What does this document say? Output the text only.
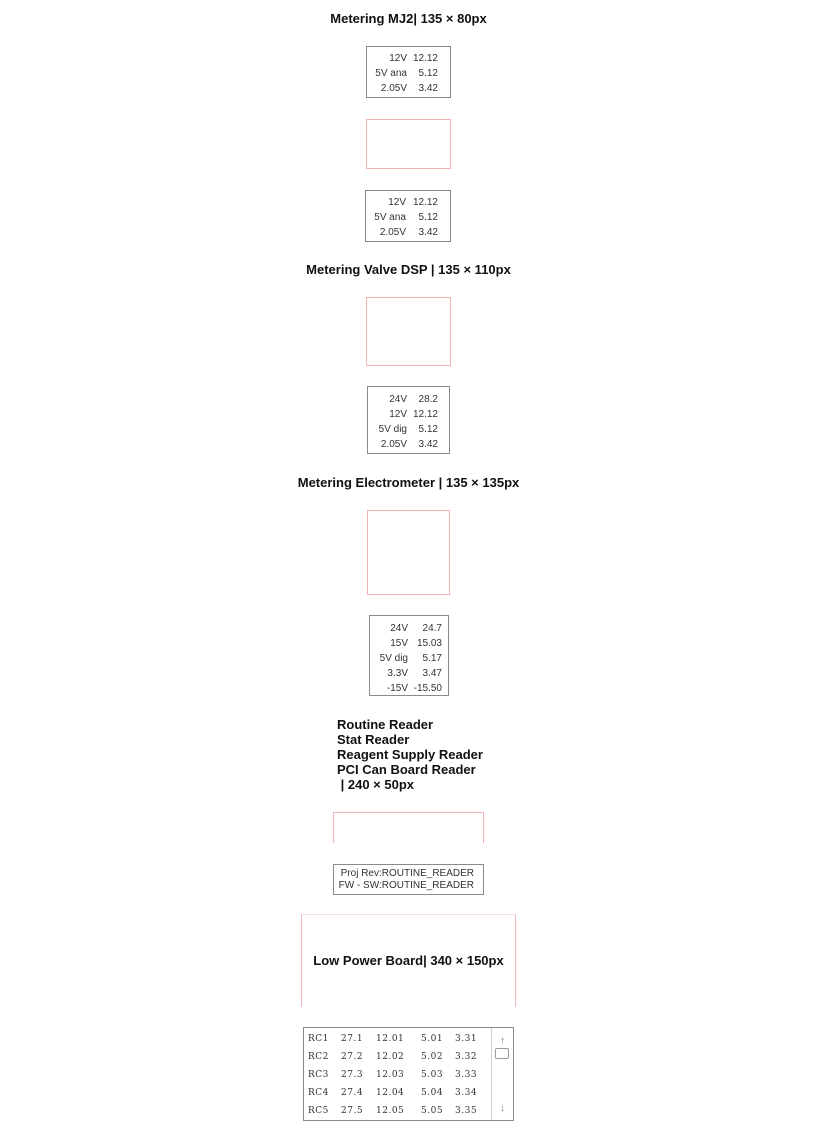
Metering MJ2| 135 × 80px
12V 12.12
5V ana	5.12
2.05V	3.42
12V 12.12
5V ana	5.12
2.05V	3.42
Metering Valve DSP | 135 × 110px
24V	28.2
12V 12.12
5V dig	5.12
2.05V	3.42
Metering Electrometer | 135 × 135px
24V	24.7
15V 15.03
5V dig	5.17
3.3V	3.47
-15V -15.50
Routine Reader
Stat Reader
Reagent Supply Reader
PCI Can Board Reader
| 240 × 50px
Proj Rev:ROUTINE_READER
FW - SW:ROUTINE_READER
Low Power Board| 340 × 150px
RC1 27.1 12.01 5.01 3.31
RC2 27.2 12.02 5.02 3.32
RC3 27.3 12.03 5.03 3.33
RC4 27.4 12.04 5.04 3.34
RC5 27.5 12.05 5.05 3.35
↑
↓
